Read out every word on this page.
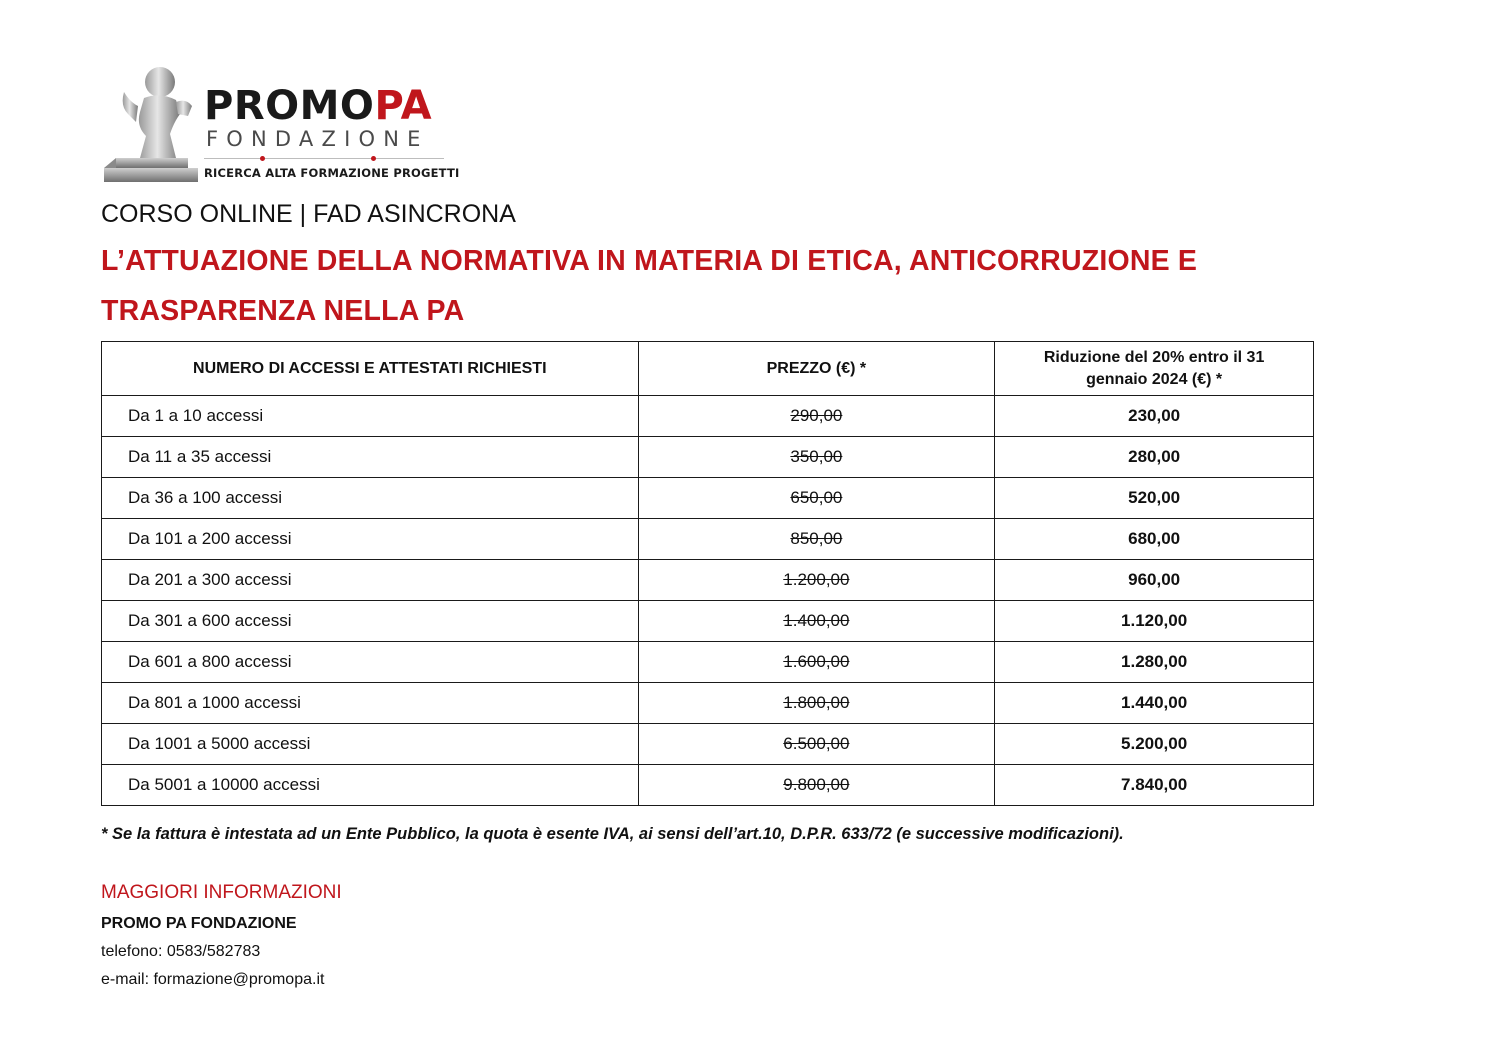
PROMOPA
FONDAZIONE
RICERCA ALTA FORMAZIONE PROGETTI
CORSO ONLINE | FAD ASINCRONA
L’ATTUAZIONE DELLA NORMATIVA IN MATERIA DI ETICA, ANTICORRUZIONE E TRASPARENZA NELLA PA
NUMERO DI ACCESSI E ATTESTATI RICHIESTI	PREZZO (€) *	Riduzione del 20% entro il 31
gennaio 2024 (€) *
Da 1 a 10 accessi	290,00	230,00
Da 11 a 35 accessi	350,00	280,00
Da 36 a 100 accessi	650,00	520,00
Da 101 a 200 accessi	850,00	680,00
Da 201 a 300 accessi	1.200,00	960,00
Da 301 a 600 accessi	1.400,00	1.120,00
Da 601 a 800 accessi	1.600,00	1.280,00
Da 801 a 1000 accessi	1.800,00	1.440,00
Da 1001 a 5000 accessi	6.500,00	5.200,00
Da 5001 a 10000 accessi	9.800,00	7.840,00
* Se la fattura è intestata ad un Ente Pubblico, la quota è esente IVA, ai sensi dell’art.10, D.P.R. 633/72 (e successive modificazioni).
MAGGIORI INFORMAZIONI
PROMO PA FONDAZIONE
telefono: 0583/582783
e-mail: formazione@promopa.it
